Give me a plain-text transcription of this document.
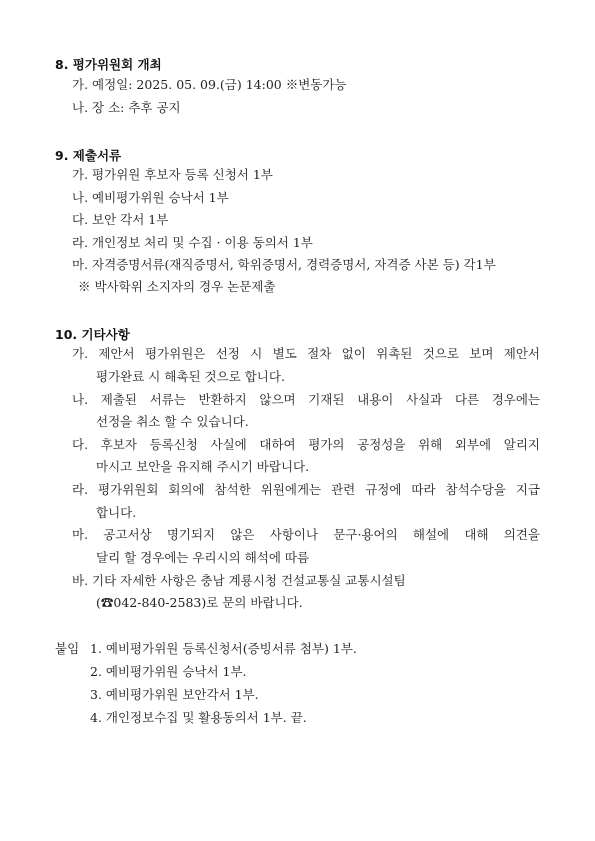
8. 평가위원회 개최
가. 예정일: 2025. 05. 09.(금) 14:00 ※변동가능
나. 장 소: 추후 공지
9. 제출서류
가. 평가위원 후보자 등록 신청서 1부
나. 예비평가위원 승낙서 1부
다. 보안 각서 1부
라. 개인정보 처리 및 수집 · 이용 동의서 1부
마. 자격증명서류(재직증명서, 학위증명서, 경력증명서, 자격증 사본 등) 각1부
※ 박사학위 소지자의 경우 논문제출
10. 기타사항
가. 제안서 평가위원은 선정 시 별도 절차 없이 위촉된 것으로 보며 제안서
평가완료 시 해촉된 것으로 합니다.
나. 제출된 서류는 반환하지 않으며 기재된 내용이 사실과 다른 경우에는
선정을 취소 할 수 있습니다.
다. 후보자 등록신청 사실에 대하여 평가의 공정성을 위해 외부에 알리지
마시고 보안을 유지해 주시기 바랍니다.
라. 평가위원회 회의에 참석한 위원에게는 관련 규정에 따라 참석수당을 지급
합니다.
마. 공고서상 명기되지 않은 사항이나 문구·용어의 해설에 대해 의견을
달리 할 경우에는 우리시의 해석에 따름
바. 기타 자세한 사항은 충남 계룡시청 건설교통실 교통시설팀
(☎042-840-2583)로 문의 바랍니다.
붙임 1. 예비평가위원 등록신청서(증빙서류 첨부) 1부.
2. 예비평가위원 승낙서 1부.
3. 예비평가위원 보안각서 1부.
4. 개인정보수집 및 활용동의서 1부. 끝.
